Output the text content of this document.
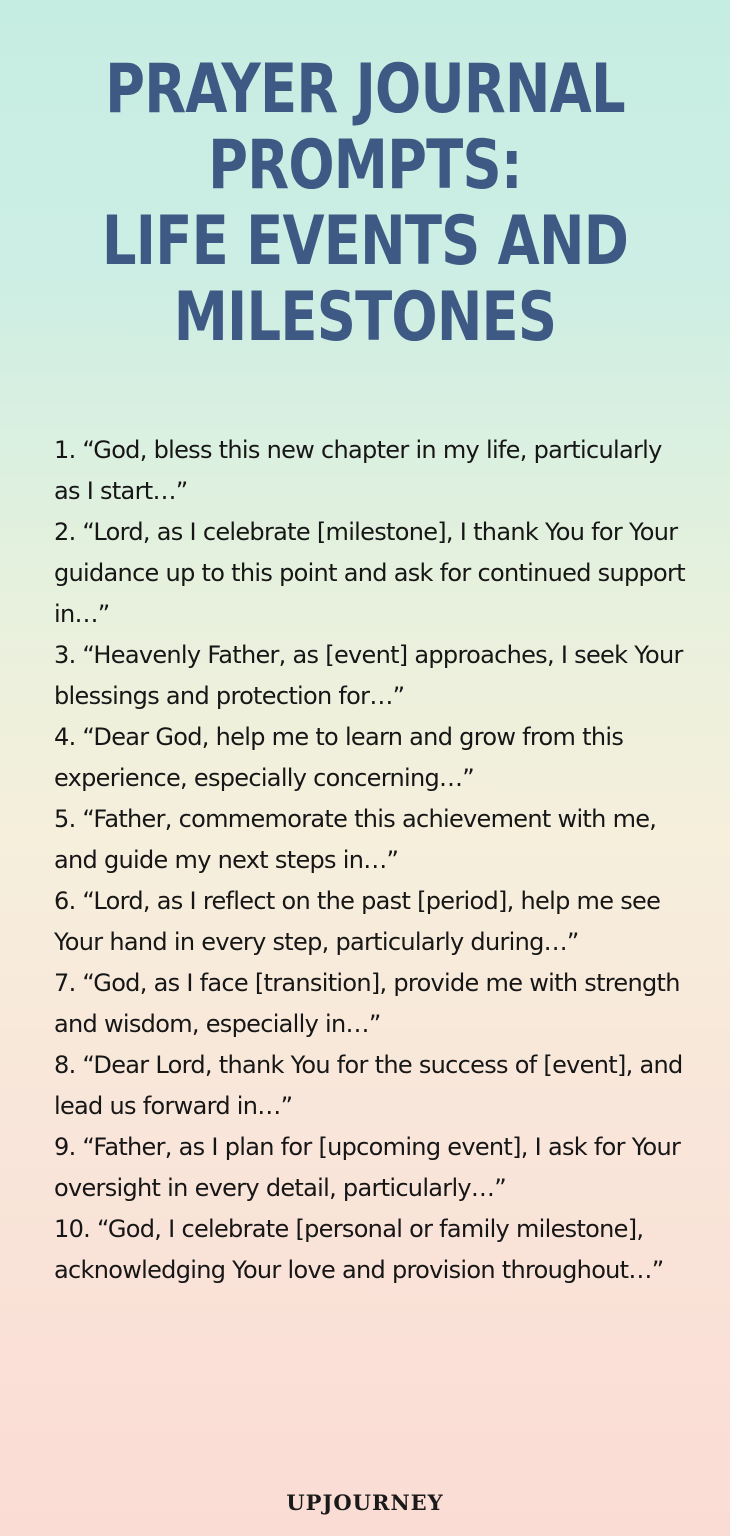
PRAYER JOURNAL
PROMPTS:
LIFE EVENTS AND
MILESTONES
1. “God, bless this new chapter in my life, particularly as I start…”
2. “Lord, as I celebrate [milestone], I thank You for Your guidance up to this point and ask for continued support in…”
3. “Heavenly Father, as [event] approaches, I seek Your blessings and protection for…”
4. “Dear God, help me to learn and grow from this experience, especially concerning…”
5. “Father, commemorate this achievement with me, and guide my next steps in…”
6. “Lord, as I reflect on the past [period], help me see Your hand in every step, particularly during…”
7. “God, as I face [transition], provide me with strength and wisdom, especially in…”
8. “Dear Lord, thank You for the success of [event], and lead us forward in…”
9. “Father, as I plan for [upcoming event], I ask for Your oversight in every detail, particularly…”
10. “God, I celebrate [personal or family milestone], acknowledging Your love and provision throughout…”
UPJOURNEY
